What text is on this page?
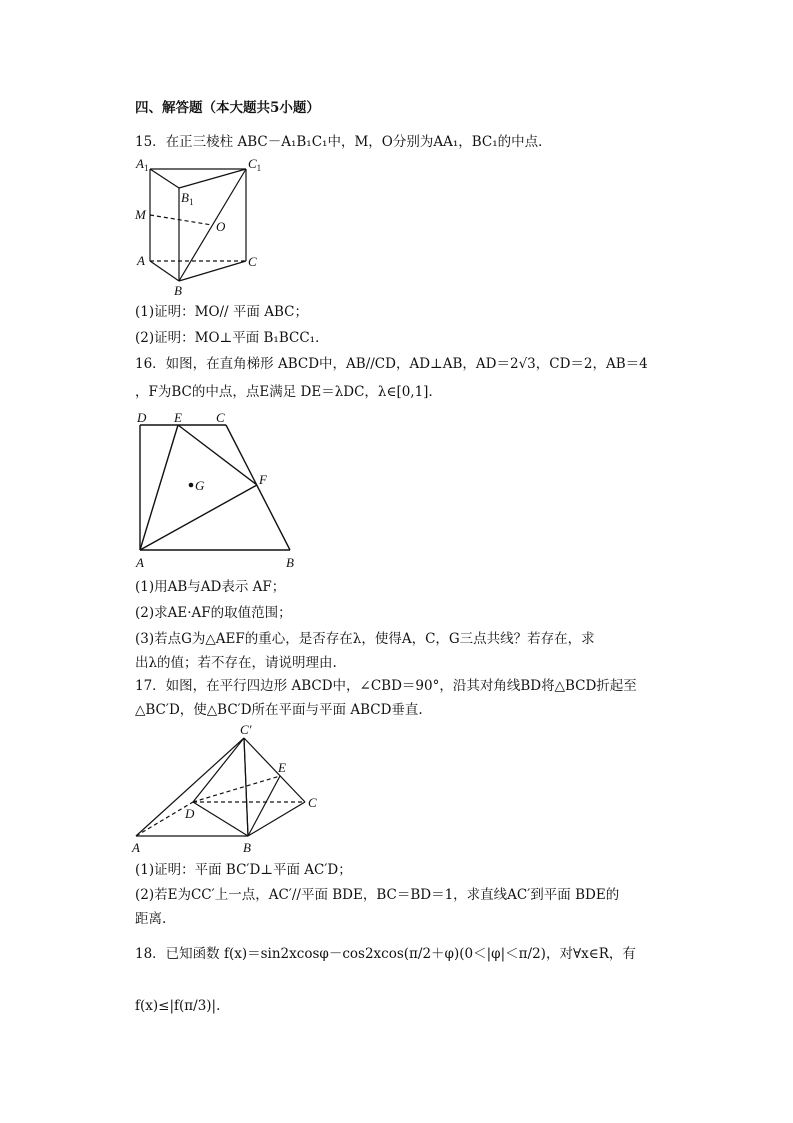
四、解答题（本大题共5小题）
15．在正三棱柱 ABC－A₁B₁C₁中，M，O分别为AA₁，BC₁的中点．
$A_1$
$B_1$
$C_1$
M
O
A	C
B
(1)证明：MO// 平面 ABC；
(2)证明：MO⊥平面 B₁BCC₁．
16．如图，在直角梯形 ABCD中，AB//CD，AD⊥AB，AD＝2√3，CD＝2，AB＝4
，F为BC的中点，点E满足 DE＝λDC，λ∈[0,1]．
D E	C
F
G
A	B
(1)用AB与AD表示 AF；
(2)求AE·AF的取值范围；
(3)若点G为△AEF的重心，是否存在λ，使得A，C，G三点共线？若存在，求
出λ的值；若不存在，请说明理由.
17．如图，在平行四边形 ABCD中，∠CBD＝90°，沿其对角线BD将△BCD折起至
△BC′D，使△BC′D所在平面与平面 ABCD垂直.
C′
E
D
C
A	B
(1)证明：平面 BC′D⊥平面 AC′D；
(2)若E为CC′上一点，AC′//平面 BDE，BC＝BD＝1，求直线AC′到平面 BDE的
距离.
18．已知函数 f(x)＝sin2xcosφ－cos2xcos(π/2＋φ)(0＜|φ|＜π/2)，对∀x∈R，有
f(x)≤|f(π/3)|.
